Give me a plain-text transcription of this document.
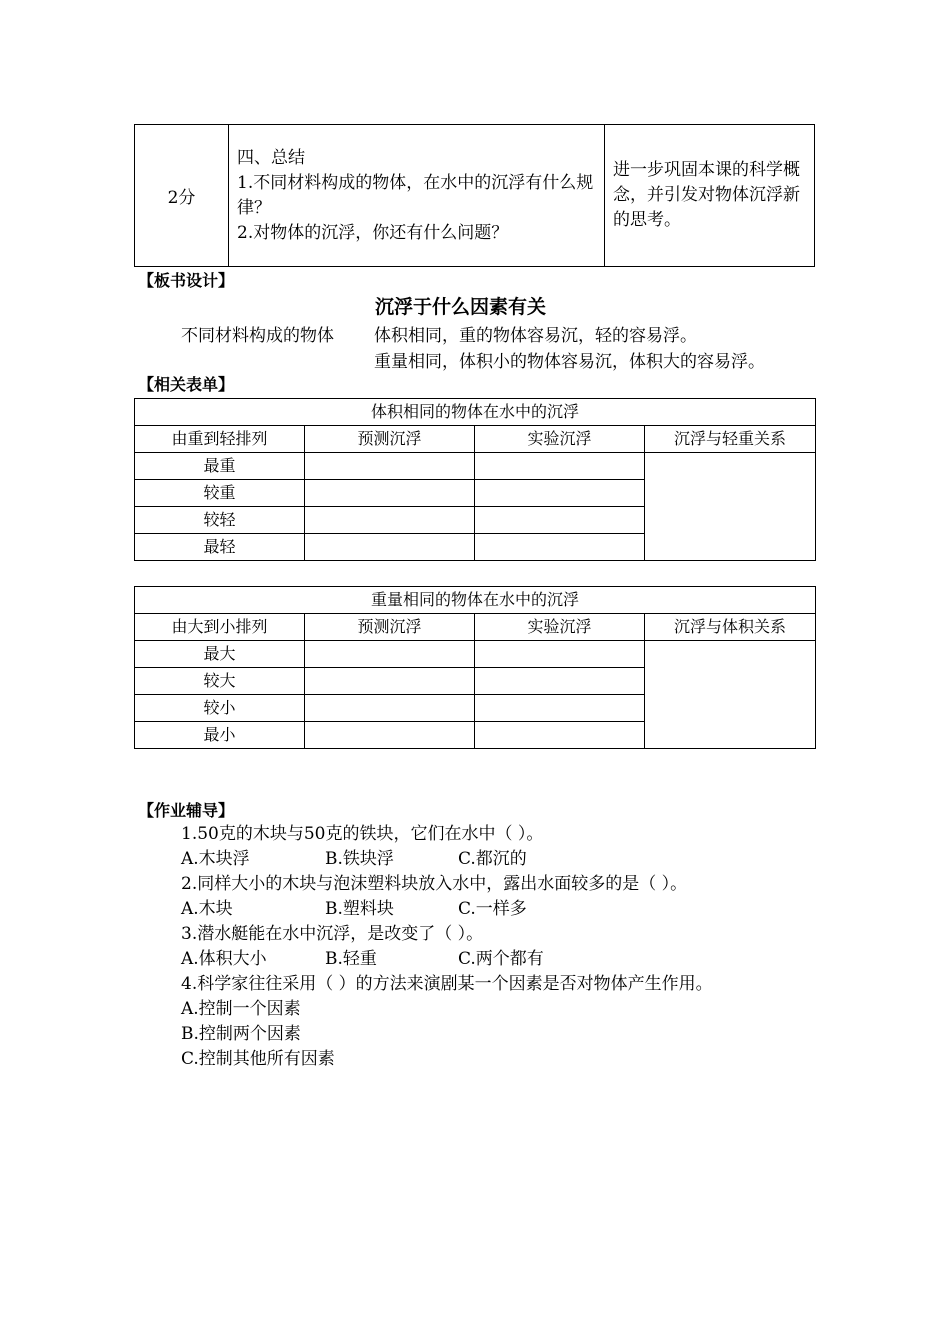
2分	
四、总结
1.不同材料构成的物体，在水中的沉浮有什么规律？
2.对物体的沉浮，你还有什么问题？
	进一步巩固本课的科学概念，并引发对物体沉浮新的思考。
【板书设计】
沉浮于什么因素有关
不同材料构成的物体 体积相同，重的物体容易沉，轻的容易浮。
重量相同，体积小的物体容易沉，体积大的容易浮。
【相关表单】
体积相同的物体在水中的沉浮			
由重到轻排列	预测沉浮	实验沉浮	沉浮与轻重关系
最重			
较重			
较轻			
最轻			
重量相同的物体在水中的沉浮			
由大到小排列	预测沉浮	实验沉浮	沉浮与体积关系
最大			
较大			
较小			
最小			
【作业辅导】
1.50克的木块与50克的铁块，它们在水中（ ）。
A.木块浮	B.铁块浮	C.都沉的
2.同样大小的木块与泡沫塑料块放入水中，露出水面较多的是（ ）。
A.木块	B.塑料块	C.一样多
3.潜水艇能在水中沉浮，是改变了（ ）。
A.体积大小	B.轻重	C.两个都有
4.科学家往往采用（ ）的方法来演剧某一个因素是否对物体产生作用。
A.控制一个因素
B.控制两个因素
C.控制其他所有因素
